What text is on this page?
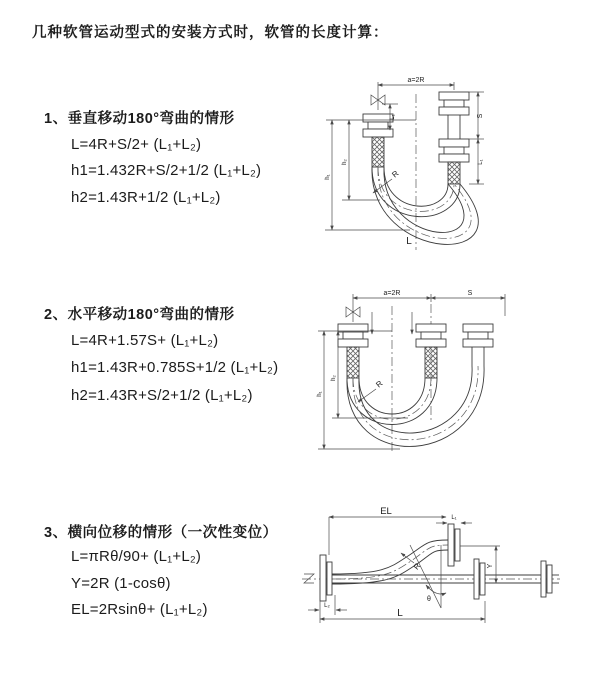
几种软管运动型式的安装方式时，软管的长度计算：
1、垂直移动180°弯曲的情形
L=4R+S/2+ (L₁+L₂)
h1=1.432R+S/2+1/2 (L₁+L₂)
h2=1.43R+1/2 (L₁+L₂)
2、水平移动180°弯曲的情形
L=4R+1.57S+ (L₁+L₂)
h1=1.43R+0.785S+1/2 (L₁+L₂)
h2=1.43R+S/2+1/2 (L₁+L₂)
3、横向位移的情形（一次性变位）
L=πRθ/90+ (L₁+L₂)
Y=2R (1-cosθ)
EL=2Rsinθ+ (L₁+L₂)
a=2R
h₂
h₁
L₁	S
L₁
R
L
a=2R	S
h₂
h₁
R
EL
L₁
Y
R
θ
L₂
L
